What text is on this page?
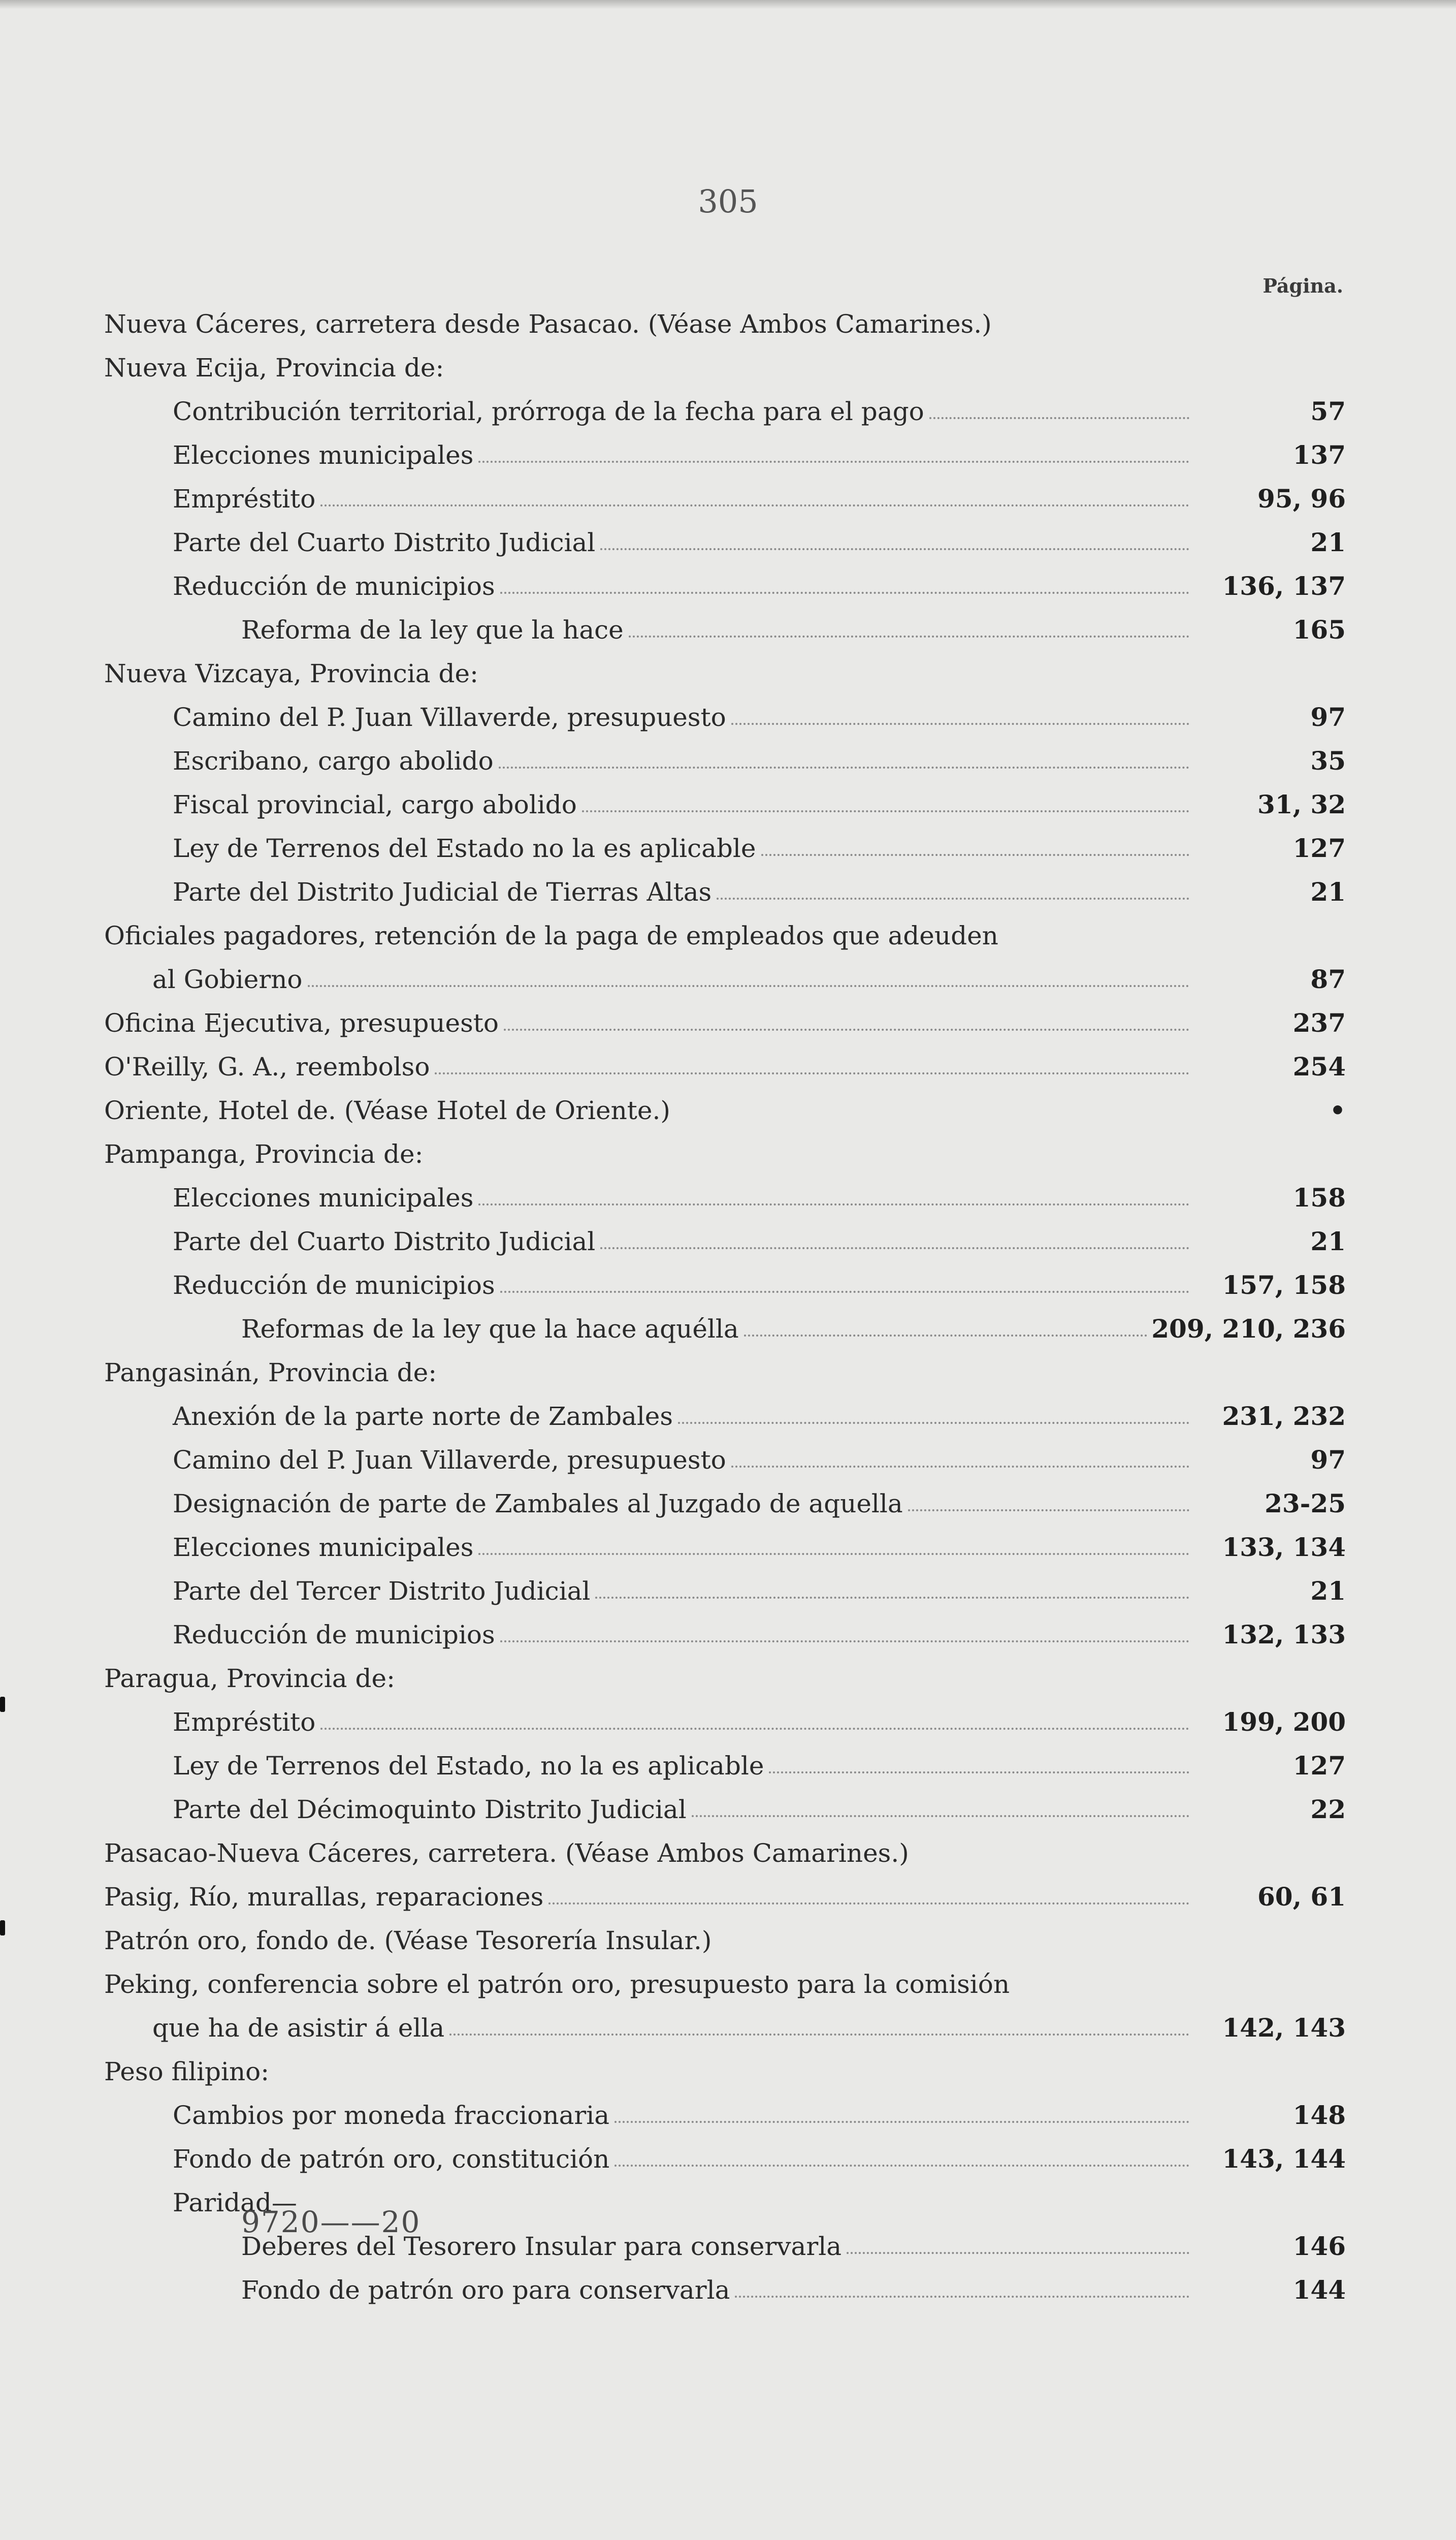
305
Página.
Nueva Cáceres, carretera desde Pasacao. (Véase Ambos Camarines.)
Nueva Ecija, Provincia de:
Contribución territorial, prórroga de la fecha para el pago	57
Elecciones municipales	137
Empréstito	95, 96
Parte del Cuarto Distrito Judicial	21
Reducción de municipios	136, 137
Reforma de la ley que la hace	165
Nueva Vizcaya, Provincia de:
Camino del P. Juan Villaverde, presupuesto	97
Escribano, cargo abolido	35
Fiscal provincial, cargo abolido	31, 32
Ley de Terrenos del Estado no la es aplicable	127
Parte del Distrito Judicial de Tierras Altas	21
Oficiales pagadores, retención de la paga de empleados que adeuden
al Gobierno	87
Oficina Ejecutiva, presupuesto	237
O'Reilly, G. A., reembolso	254
Oriente, Hotel de. (Véase Hotel de Oriente.)	•
Pampanga, Provincia de:
Elecciones municipales	158
Parte del Cuarto Distrito Judicial	21
Reducción de municipios	157, 158
Reformas de la ley que la hace aquélla	209, 210, 236
Pangasinán, Provincia de:
Anexión de la parte norte de Zambales	231, 232
Camino del P. Juan Villaverde, presupuesto	97
Designación de parte de Zambales al Juzgado de aquella	23-25
Elecciones municipales	133, 134
Parte del Tercer Distrito Judicial	21
Reducción de municipios	132, 133
Paragua, Provincia de:
Empréstito	199, 200
Ley de Terrenos del Estado, no la es aplicable	127
Parte del Décimoquinto Distrito Judicial	22
Pasacao-Nueva Cáceres, carretera. (Véase Ambos Camarines.)
Pasig, Río, murallas, reparaciones	60, 61
Patrón oro, fondo de. (Véase Tesorería Insular.)
Peking, conferencia sobre el patrón oro, presupuesto para la comisión
que ha de asistir á ella	142, 143
Peso filipino:
Cambios por moneda fraccionaria	148
Fondo de patrón oro, constitución	143, 144
Paridad—
Deberes del Tesorero Insular para conservarla	146
Fondo de patrón oro para conservarla	144
9720——20
